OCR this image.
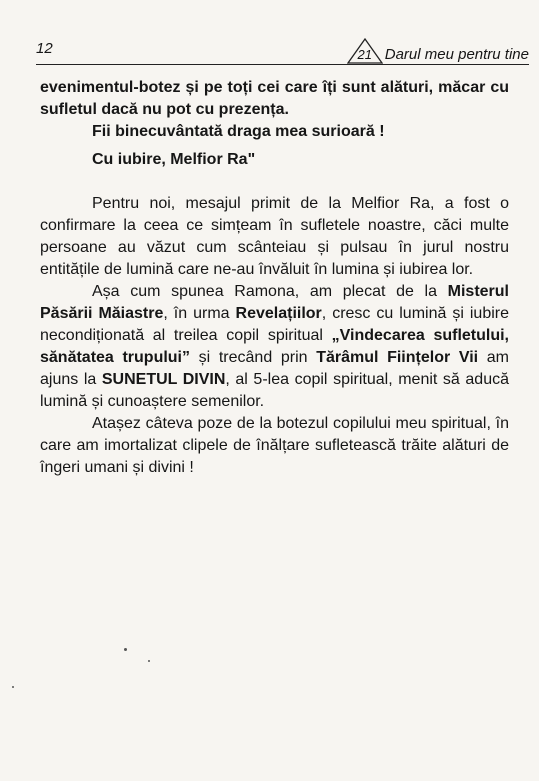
12	21 Darul meu pentru tine

evenimentul-botez și pe toți cei care îți sunt alături, măcar cu sufletul dacă nu pot cu prezența.

Fii binecuvântată draga mea surioară !

Cu iubire, Melfior Ra"

Pentru noi, mesajul primit de la Melfior Ra, a fost o confirmare la ceea ce simțeam în sufletele noastre, căci multe persoane au văzut cum scânteiau și pulsau în jurul nostru entitățile de lumină care ne-au învăluit în lumina și iubirea lor.

Așa cum spunea Ramona, am plecat de la Misterul Păsării Măiastre, în urma Revelațiilor, cresc cu lumină și iubire necondiționată al treilea copil spiritual „Vindecarea sufletului, sănătatea trupului” și trecând prin Tărâmul Ființelor Vii am ajuns la SUNETUL DIVIN, al 5-lea copil spiritual, menit să aducă lumină și cunoaștere semenilor.

Atașez câteva poze de la botezul copilului meu spiritual, în care am imortalizat clipele de înălțare sufletească trăite alături de îngeri umani și divini !
